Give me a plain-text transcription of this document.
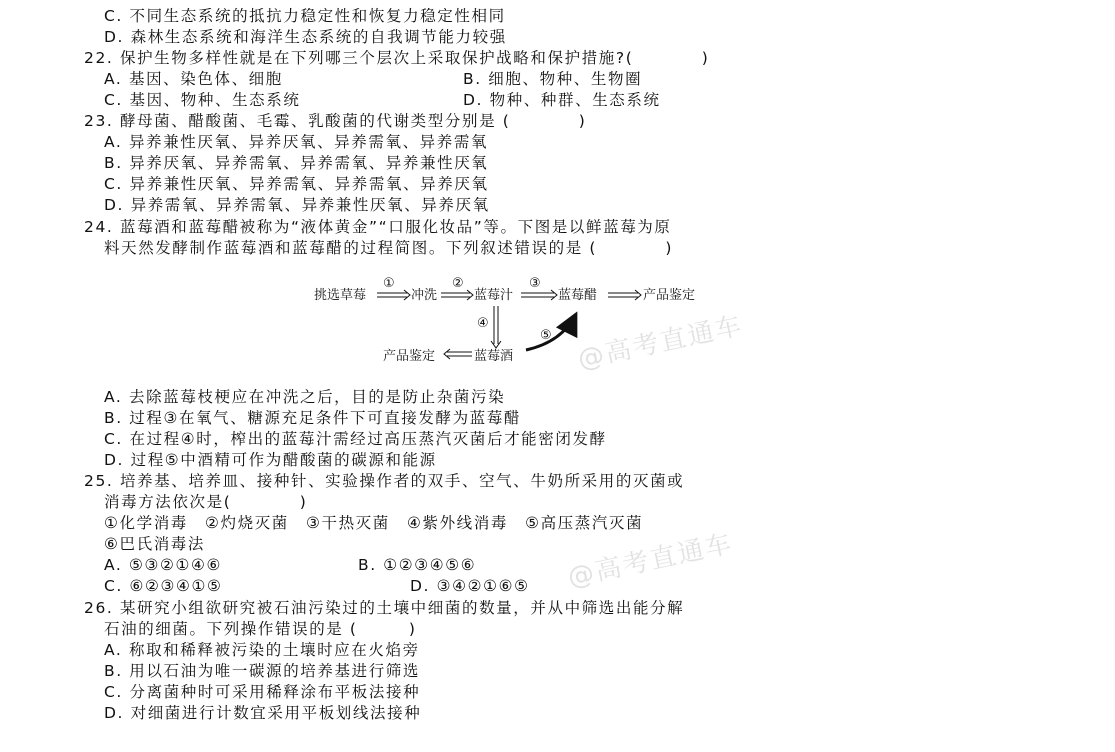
C. 不同生态系统的抵抗力稳定性和恢复力稳定性相同
D. 森林生态系统和海洋生态系统的自我调节能力较强
22. 保护生物多样性就是在下列哪三个层次上采取保护战略和保护措施?(　　　　)
A. 基因、染色体、细胞	B. 细胞、物种、生物圈
C. 基因、物种、生态系统	D. 物种、种群、生态系统
23. 酵母菌、醋酸菌、毛霉、乳酸菌的代谢类型分别是 (　　　　)
A. 异养兼性厌氧、异养厌氧、异养需氧、异养需氧
B. 异养厌氧、异养需氧、异养需氧、异养兼性厌氧
C. 异养兼性厌氧、异养需氧、异养需氧、异养厌氧
D. 异养需氧、异养需氧、异养兼性厌氧、异养厌氧
24. 蓝莓酒和蓝莓醋被称为“液体黄金”“口服化妆品”等。下图是以鲜蓝莓为原
料天然发酵制作蓝莓酒和蓝莓醋的过程简图。下列叙述错误的是 (　　　　)
挑选草莓	冲洗	蓝莓汁	蓝莓醋	产品鉴定
产品鉴定	蓝莓酒
①	②	③
④
⑤
A. 去除蓝莓枝梗应在冲洗之后，目的是防止杂菌污染
B. 过程③在氧气、糖源充足条件下可直接发酵为蓝莓醋
C. 在过程④时，榨出的蓝莓汁需经过高压蒸汽灭菌后才能密闭发酵
D. 过程⑤中酒精可作为醋酸菌的碳源和能源
25. 培养基、培养皿、接种针、实验操作者的双手、空气、牛奶所采用的灭菌或
消毒方法依次是(　　　　)
①化学消毒　②灼烧灭菌　③干热灭菌　④紫外线消毒　⑤高压蒸汽灭菌
⑥巴氏消毒法
A. ⑤③②①④⑥	B. ①②③④⑤⑥
C. ⑥②③④①⑤	D. ③④②①⑥⑤
26. 某研究小组欲研究被石油污染过的土壤中细菌的数量，并从中筛选出能分解
石油的细菌。下列操作错误的是 (　　　)
A. 称取和稀释被污染的土壤时应在火焰旁
B. 用以石油为唯一碳源的培养基进行筛选
C. 分离菌种时可采用稀释涂布平板法接种
D. 对细菌进行计数宜采用平板划线法接种
@高考直通车
@高考直通车
